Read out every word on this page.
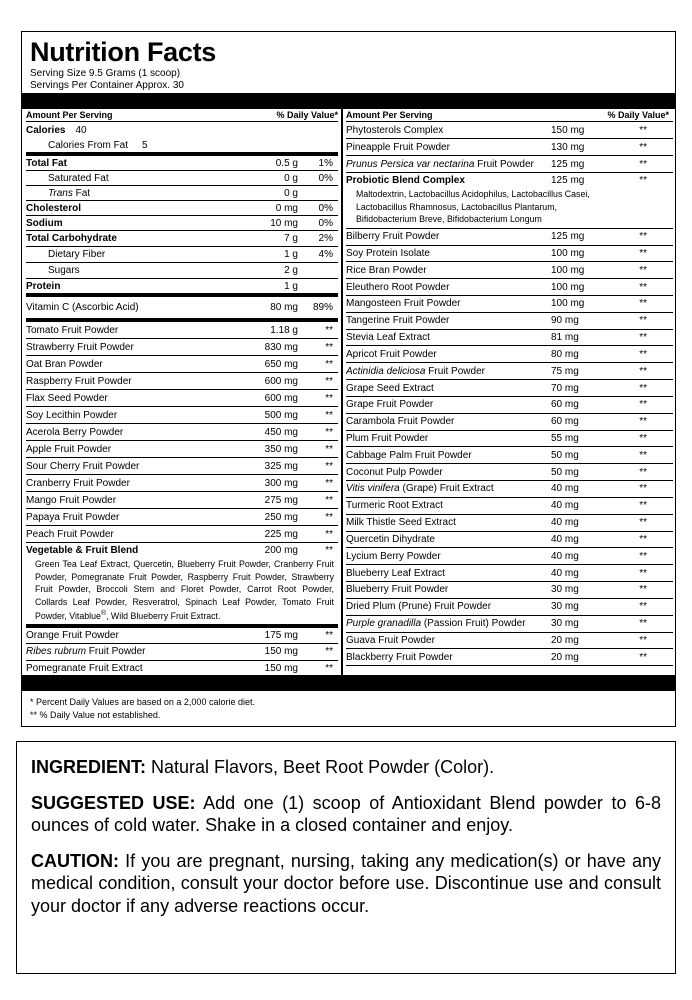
Nutrition Facts
Serving Size 9.5 Grams (1 scoop)
Servings Per Container Approx. 30
Amount Per Serving	% Daily Value*
Calories 40
Calories From Fat 5
Total Fat	0.5 g	1%
Saturated Fat	0 g	0%
Trans Fat	0 g
Cholesterol	0 mg	0%
Sodium	10 mg	0%
Total Carbohydrate	7 g	2%
Dietary Fiber	1 g	4%
Sugars	2 g
Protein	1 g
Vitamin C (Ascorbic Acid)	80 mg	89%
Tomato Fruit Powder	1.18 g	**
Strawberry Fruit Powder	830 mg	**
Oat Bran Powder	650 mg	**
Raspberry Fruit Powder	600 mg	**
Flax Seed Powder	600 mg	**
Soy Lecithin Powder	500 mg	**
Acerola Berry Powder	450 mg	**
Apple Fruit Powder	350 mg	**
Sour Cherry Fruit Powder	325 mg	**
Cranberry Fruit Powder	300 mg	**
Mango Fruit Powder	275 mg	**
Papaya Fruit Powder	250 mg	**
Peach Fruit Powder	225 mg	**
Vegetable & Fruit Blend	200 mg	**
Green Tea Leaf Extract, Quercetin, Blueberry Fruit Powder, Cranberry Fruit Powder, Pomegranate Fruit Powder, Raspberry Fruit Powder, Strawberry Fruit Powder, Broccoli Stem and Floret Powder, Carrot Root Powder, Collards Leaf Powder, Resveratrol, Spinach Leaf Powder, Tomato Fruit Powder, Vitablue®, Wild Blueberry Fruit Extract.
Orange Fruit Powder	175 mg	**
Ribes rubrum Fruit Powder	150 mg	**
Pomegranate Fruit Extract	150 mg	**
Amount Per Serving	% Daily Value*
Phytosterols Complex	150 mg	**
Pineapple Fruit Powder	130 mg	**
Prunus Persica var nectarina Fruit Powder	125 mg	**
Probiotic Blend Complex	125 mg	**
Maltodextrin, Lactobacillus Acidophilus, Lactobacillus Casei,
Lactobacillus Rhamnosus, Lactobacillus Plantarum,
Bifidobacterium Breve, Bifidobacterium Longum
Bilberry Fruit Powder	125 mg	**
Soy Protein Isolate	100 mg	**
Rice Bran Powder	100 mg	**
Eleuthero Root Powder	100 mg	**
Mangosteen Fruit Powder	100 mg	**
Tangerine Fruit Powder	90 mg	**
Stevia Leaf Extract	81 mg	**
Apricot Fruit Powder	80 mg	**
Actinidia deliciosa Fruit Powder	75 mg	**
Grape Seed Extract	70 mg	**
Grape Fruit Powder	60 mg	**
Carambola Fruit Powder	60 mg	**
Plum Fruit Powder	55 mg	**
Cabbage Palm Fruit Powder	50 mg	**
Coconut Pulp Powder	50 mg	**
Vitis vinifera (Grape) Fruit Extract	40 mg	**
Turmeric Root Extract	40 mg	**
Milk Thistle Seed Extract	40 mg	**
Quercetin Dihydrate	40 mg	**
Lycium Berry Powder	40 mg	**
Blueberry Leaf Extract	40 mg	**
Blueberry Fruit Powder	30 mg	**
Dried Plum (Prune) Fruit Powder	30 mg	**
Purple granadilla (Passion Fruit) Powder	30 mg	**
Guava Fruit Powder	20 mg	**
Blackberry Fruit Powder	20 mg	**
* Percent Daily Values are based on a 2,000 calorie diet.
** % Daily Value not established.

INGREDIENT: Natural Flavors, Beet Root Powder (Color).

SUGGESTED USE: Add one (1) scoop of Antioxidant Blend powder to 6-8 ounces of cold water. Shake in a closed container and enjoy.

CAUTION: If you are pregnant, nursing, taking any medication(s) or have any medical condition, consult your doctor before use. Discontinue use and consult your doctor if any adverse reactions occur.
